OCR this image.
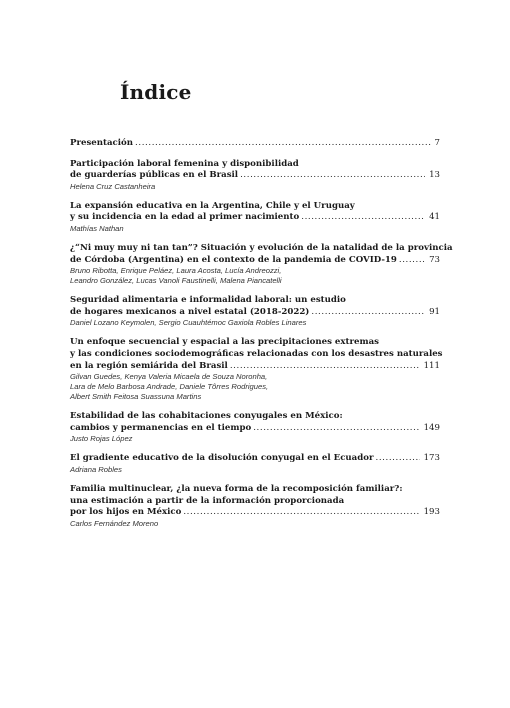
Índice
Presentación .....	7
Participación laboral femenina y disponibilidad
de guarderías públicas en el Brasil .....	13
Helena Cruz Castanheira
La expansión educativa en la Argentina, Chile y el Uruguay
y su incidencia en la edad al primer nacimiento .....	41
Mathías Nathan
¿“Ni muy muy ni tan tan”? Situación y evolución de la natalidad de la provincia
de Córdoba (Argentina) en el contexto de la pandemia de COVID-19 .....	73
Bruno Ribotta, Enrique Peláez, Laura Acosta, Lucía Andreozzi,
Leandro González, Lucas Vanoli Faustinelli, Malena Piancatelli
Seguridad alimentaria e informalidad laboral: un estudio
de hogares mexicanos a nivel estatal (2018-2022) .....	91
Daniel Lozano Keymolen, Sergio Cuauhtémoc Gaxiola Robles Linares
Un enfoque secuencial y espacial a las precipitaciones extremas
y las condiciones sociodemográficas relacionadas con los desastres naturales
en la región semiárida del Brasil .....	111
Gilvan Guedes, Kenya Valeria Micaela de Souza Noronha,
Lara de Melo Barbosa Andrade, Daniele Tôrres Rodrigues,
Albert Smith Feitosa Suassuna Martins
Estabilidad de las cohabitaciones conyugales en México:
cambios y permanencias en el tiempo .....	149
Justo Rojas López
El gradiente educativo de la disolución conyugal en el Ecuador .....	173
Adriana Robles
Familia multinuclear, ¿la nueva forma de la recomposición familiar?:
una estimación a partir de la información proporcionada
por los hijos en México .....	193
Carlos Fernández Moreno
